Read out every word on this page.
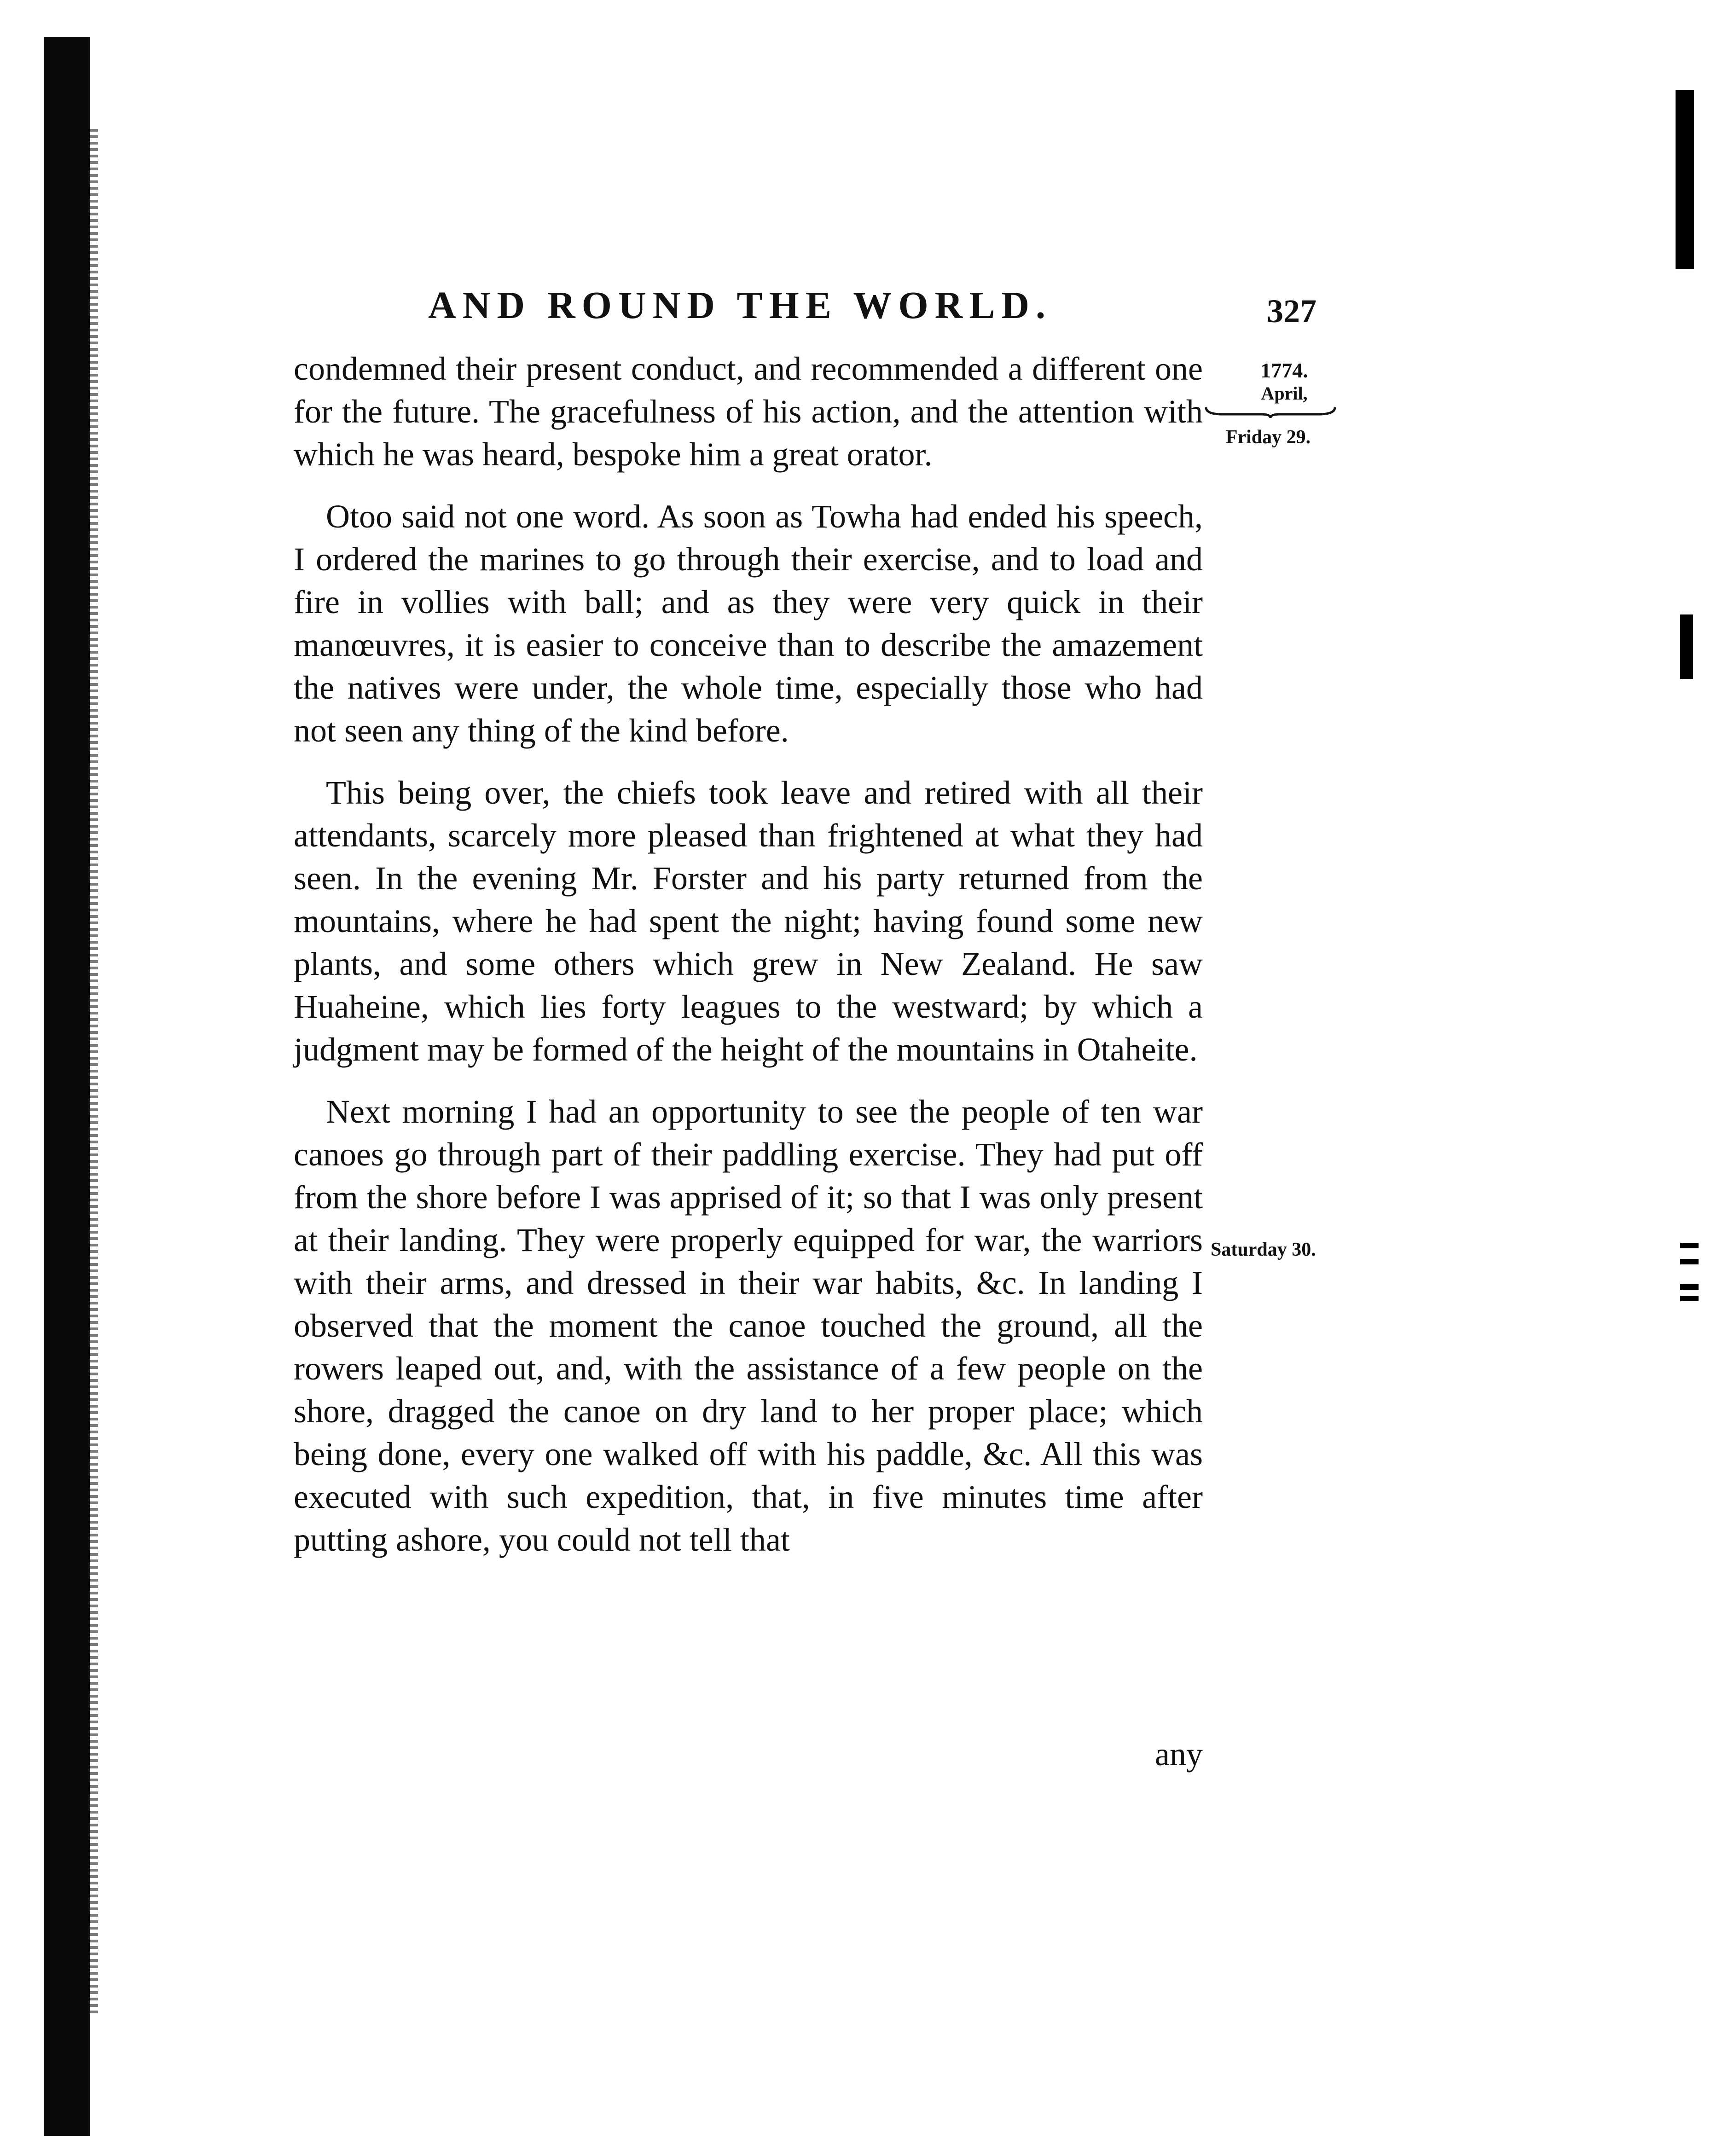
AND ROUND THE WORLD.	327
1774.
April,
Friday 29.
Saturday 30.

condemned their present conduct, and recommended a different one for the future. The gracefulness of his action, and the attention with which he was heard, bespoke him a great orator.

Otoo said not one word. As soon as Towha had ended his speech, I ordered the marines to go through their exercise, and to load and fire in vollies with ball; and as they were very quick in their manœuvres, it is easier to conceive than to describe the amazement the natives were under, the whole time, especially those who had not seen any thing of the kind before.

This being over, the chiefs took leave and retired with all their attendants, scarcely more pleased than frightened at what they had seen. In the evening Mr. Forster and his party returned from the mountains, where he had spent the night; having found some new plants, and some others which grew in New Zealand. He saw Huaheine, which lies forty leagues to the westward; by which a judgment may be formed of the height of the mountains in Otaheite.

Next morning I had an opportunity to see the people of ten war canoes go through part of their paddling exercise. They had put off from the shore before I was apprised of it; so that I was only present at their landing. They were properly equipped for war, the warriors with their arms, and dressed in their war habits, &c. In landing I observed that the moment the canoe touched the ground, all the rowers leaped out, and, with the assistance of a few people on the shore, dragged the canoe on dry land to her proper place; which being done, every one walked off with his paddle, &c. All this was executed with such expedition, that, in five minutes time after putting ashore, you could not tell that

any
